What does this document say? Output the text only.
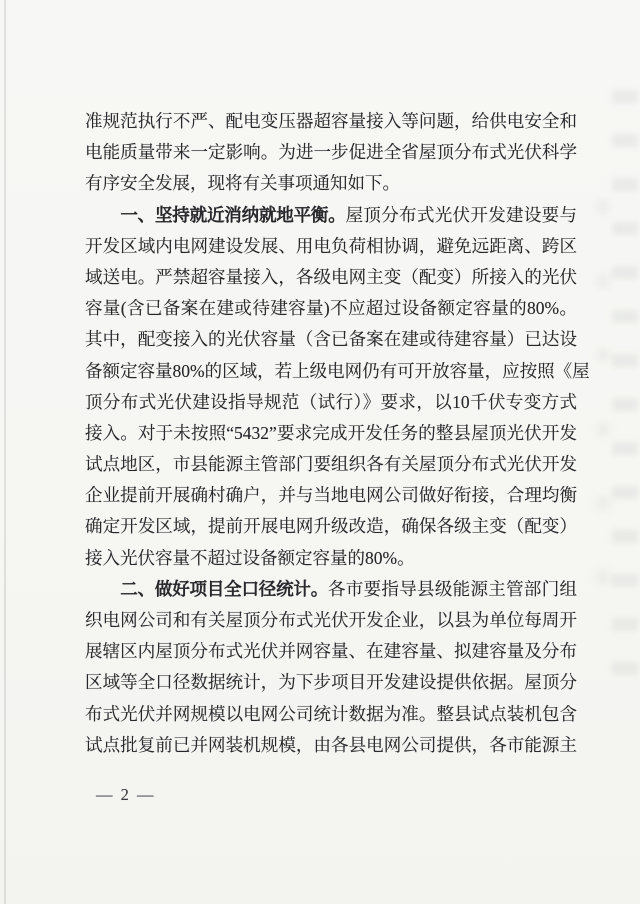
准规范执行不严、配电变压器超容量接入等问题，给供电安全和
电能质量带来一定影响。为进一步促进全省屋顶分布式光伏科学
有序安全发展，现将有关事项通知如下。
一、坚持就近消纳就地平衡。屋顶分布式光伏开发建设要与
开发区域内电网建设发展、用电负荷相协调，避免远距离、跨区
域送电。严禁超容量接入，各级电网主变（配变）所接入的光伏
容量(含已备案在建或待建容量)不应超过设备额定容量的80%。
其中，配变接入的光伏容量（含已备案在建或待建容量）已达设
备额定容量80%的区域，若上级电网仍有可开放容量，应按照《屋
顶分布式光伏建设指导规范（试行）》要求，以10千伏专变方式
接入。对于未按照“5432”要求完成开发任务的整县屋顶光伏开发
试点地区，市县能源主管部门要组织各有关屋顶分布式光伏开发
企业提前开展确村确户，并与当地电网公司做好衔接，合理均衡
确定开发区域，提前开展电网升级改造，确保各级主变（配变）
接入光伏容量不超过设备额定容量的80%。
二、做好项目全口径统计。各市要指导县级能源主管部门组
织电网公司和有关屋顶分布式光伏开发企业，以县为单位每周开
展辖区内屋顶分布式光伏并网容量、在建容量、拟建容量及分布
区域等全口径数据统计，为下步项目开发建设提供依据。屋顶分
布式光伏并网规模以电网公司统计数据为准。整县试点装机包含
试点批复前已并网装机规模，由各县电网公司提供，各市能源主
— 2 —
